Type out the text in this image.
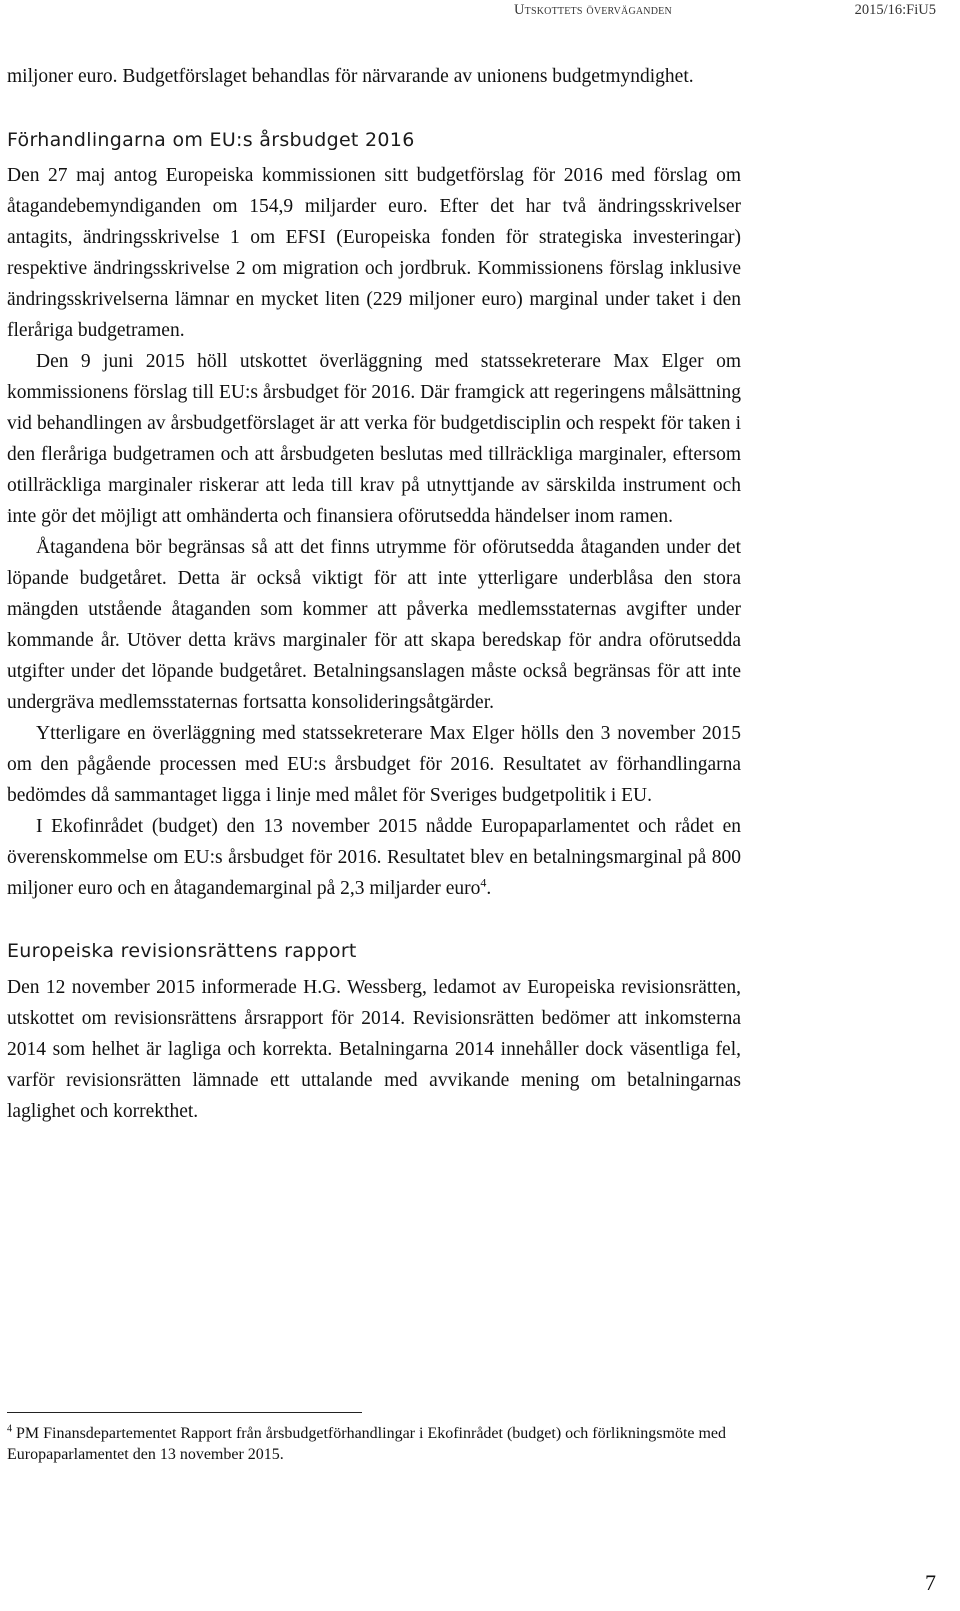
Utskottets överväganden	2015/16:FiU5

miljoner euro. Budgetförslaget behandlas för närvarande av unionens budgetmyndighet.

Förhandlingarna om EU:s årsbudget 2016

Den 27 maj antog Europeiska kommissionen sitt budgetförslag för 2016 med förslag om åtagandebemyndiganden om 154,9 miljarder euro. Efter det har två ändringsskrivelser antagits, ändringsskrivelse 1 om EFSI (Europeiska fonden för strategiska investeringar) respektive ändringsskrivelse 2 om migration och jordbruk. Kommissionens förslag inklusive ändringsskrivelserna lämnar en mycket liten (229 miljoner euro) marginal under taket i den fleråriga budgetramen.

Den 9 juni 2015 höll utskottet överläggning med statssekreterare Max Elger om kommissionens förslag till EU:s årsbudget för 2016. Där framgick att regeringens målsättning vid behandlingen av årsbudgetförslaget är att verka för budgetdisciplin och respekt för taken i den fleråriga budgetramen och att årsbudgeten beslutas med tillräckliga marginaler, eftersom otillräckliga marginaler riskerar att leda till krav på utnyttjande av särskilda instrument och inte gör det möjligt att omhänderta och finansiera oförutsedda händelser inom ramen.

Åtagandena bör begränsas så att det finns utrymme för oförutsedda åtaganden under det löpande budgetåret. Detta är också viktigt för att inte ytterligare underblåsa den stora mängden utstående åtaganden som kommer att påverka medlemsstaternas avgifter under kommande år. Utöver detta krävs marginaler för att skapa beredskap för andra oförutsedda utgifter under det löpande budgetåret. Betalningsanslagen måste också begränsas för att inte undergräva medlemsstaternas fortsatta konsolideringsåtgärder.

Ytterligare en överläggning med statssekreterare Max Elger hölls den 3 november 2015 om den pågående processen med EU:s årsbudget för 2016. Resultatet av förhandlingarna bedömdes då sammantaget ligga i linje med målet för Sveriges budgetpolitik i EU.

I Ekofinrådet (budget) den 13 november 2015 nådde Europaparlamentet och rådet en överenskommelse om EU:s årsbudget för 2016. Resultatet blev en betalningsmarginal på 800 miljoner euro och en åtagandemarginal på 2,3 miljarder euro$^4$.

Europeiska revisionsrättens rapport

Den 12 november 2015 informerade H.G. Wessberg, ledamot av Europeiska revisionsrätten, utskottet om revisionsrättens årsrapport för 2014. Revisionsrätten bedömer att inkomsterna 2014 som helhet är lagliga och korrekta. Betalningarna 2014 innehåller dock väsentliga fel, varför revisionsrätten lämnade ett uttalande med avvikande mening om betalningarnas laglighet och korrekthet.

$^4$ PM Finansdepartementet Rapport från årsbudgetförhandlingar i Ekofinrådet (budget) och förlikningsmöte med Europaparlamentet den 13 november 2015.
7
